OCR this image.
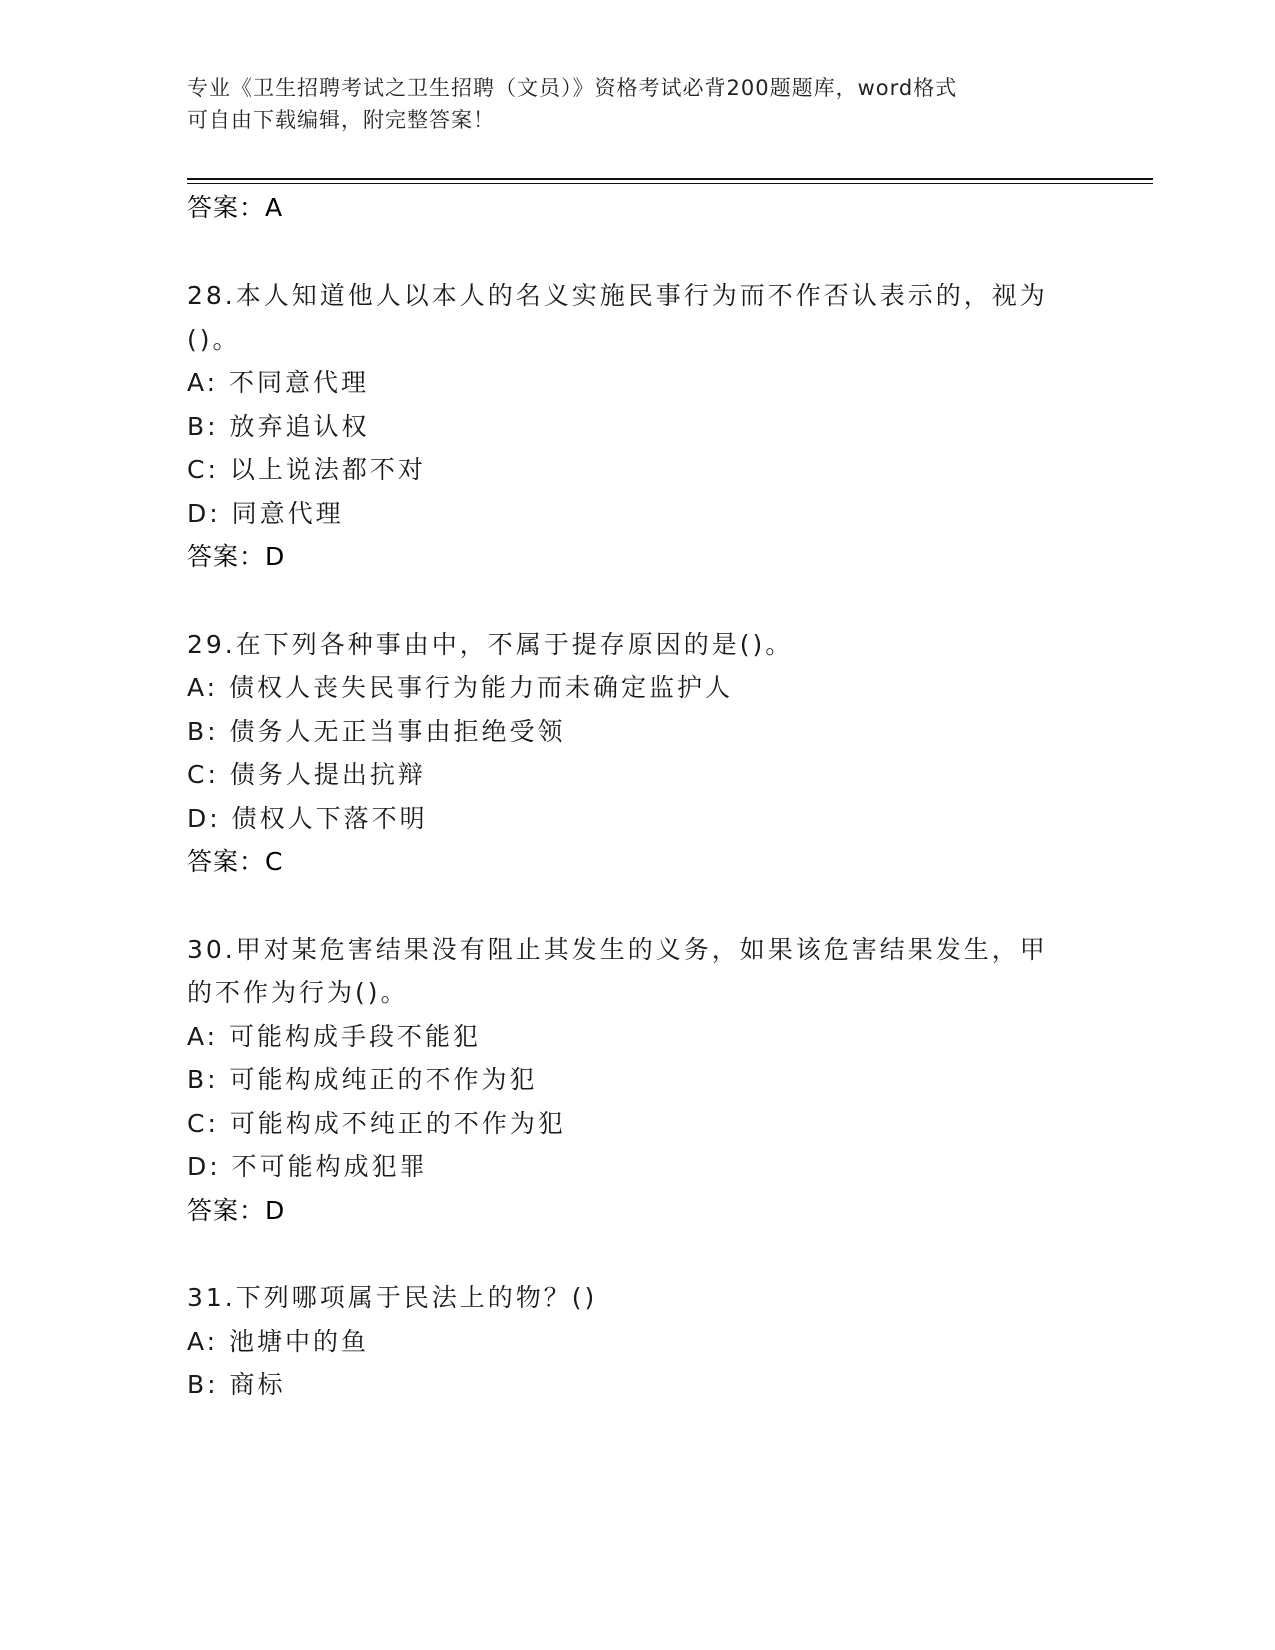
专业《卫生招聘考试之卫生招聘（文员）》资格考试必背200题题库，word格式
可自由下载编辑，附完整答案！
答案：A
28.本人知道他人以本人的名义实施民事行为而不作否认表示的，视为
()。
A: 不同意代理
B: 放弃追认权
C: 以上说法都不对
D: 同意代理
答案：D
29.在下列各种事由中，不属于提存原因的是()。
A: 债权人丧失民事行为能力而未确定监护人
B: 债务人无正当事由拒绝受领
C: 债务人提出抗辩
D: 债权人下落不明
答案：C
30.甲对某危害结果没有阻止其发生的义务，如果该危害结果发生，甲
的不作为行为()。
A: 可能构成手段不能犯
B: 可能构成纯正的不作为犯
C: 可能构成不纯正的不作为犯
D: 不可能构成犯罪
答案：D
31.下列哪项属于民法上的物？()
A: 池塘中的鱼
B: 商标
